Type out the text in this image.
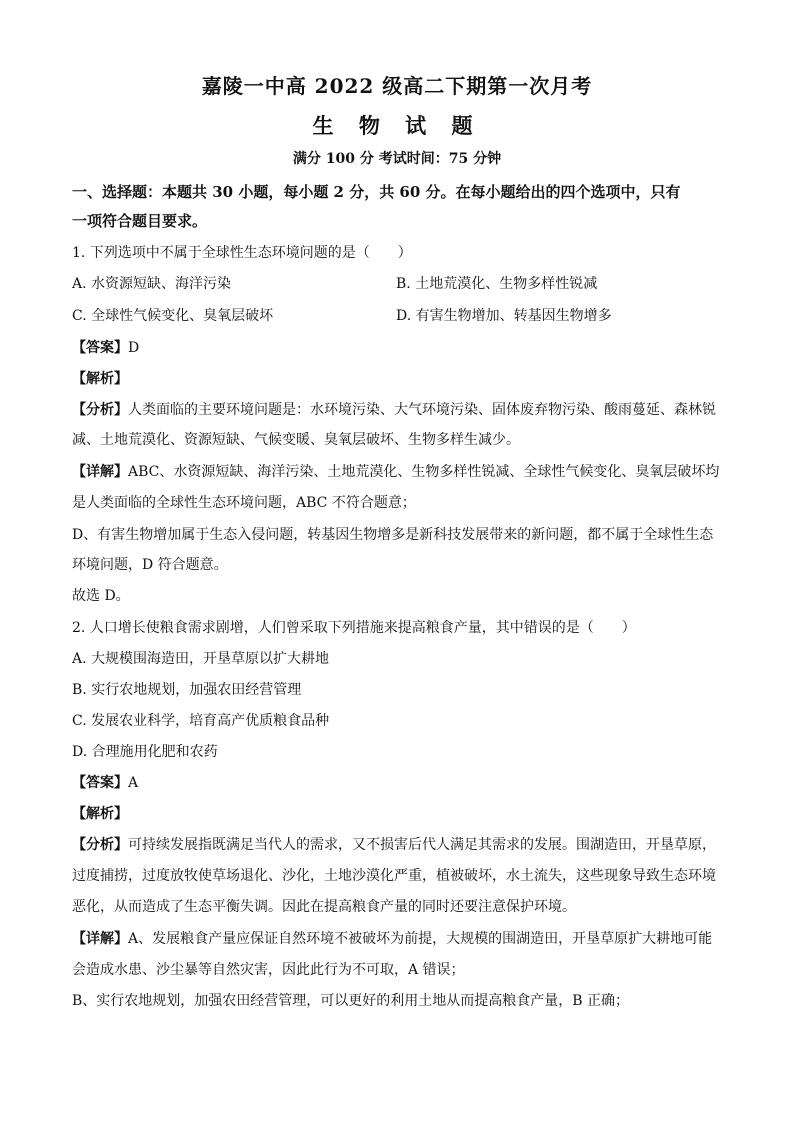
嘉陵一中高 2022 级高二下期第一次月考
生 物 试 题
满分 100 分 考试时间：75 分钟
一、选择题：本题共 30 小题，每小题 2 分，共 60 分。在每小题给出的四个选项中，只有
一项符合题目要求。
1. 下列选项中不属于全球性生态环境问题的是（　　）
A. 水资源短缺、海洋污染	B. 土地荒漠化、生物多样性锐减
C. 全球性气候变化、臭氧层破坏	D. 有害生物增加、转基因生物增多
【答案】D
【解析】
【分析】人类面临的主要环境问题是：水环境污染、大气环境污染、固体废弃物污染、酸雨蔓延、森林锐
减、土地荒漠化、资源短缺、气候变暖、臭氧层破坏、生物多样生减少。
【详解】ABC、水资源短缺、海洋污染、土地荒漠化、生物多样性锐减、全球性气候变化、臭氧层破坏均
是人类面临的全球性生态环境问题，ABC 不符合题意；
D、有害生物增加属于生态入侵问题，转基因生物增多是新科技发展带来的新问题，都不属于全球性生态
环境问题，D 符合题意。
故选 D。
2. 人口增长使粮食需求剧增，人们曾采取下列措施来提高粮食产量，其中错误的是（　　）
A. 大规模围海造田，开垦草原以扩大耕地
B. 实行农地规划，加强农田经营管理
C. 发展农业科学，培育高产优质粮食品种
D. 合理施用化肥和农药
【答案】A
【解析】
【分析】可持续发展指既满足当代人的需求，又不损害后代人满足其需求的发展。围湖造田，开垦草原，
过度捕捞，过度放牧使草场退化、沙化，土地沙漠化严重，植被破坏，水土流失，这些现象导致生态环境
恶化，从而造成了生态平衡失调。因此在提高粮食产量的同时还要注意保护环境。
【详解】A、发展粮食产量应保证自然环境不被破坏为前提，大规模的围湖造田，开垦草原扩大耕地可能
会造成水患、沙尘暴等自然灾害，因此此行为不可取，A 错误；
B、实行农地规划，加强农田经营管理，可以更好的利用土地从而提高粮食产量，B 正确；
